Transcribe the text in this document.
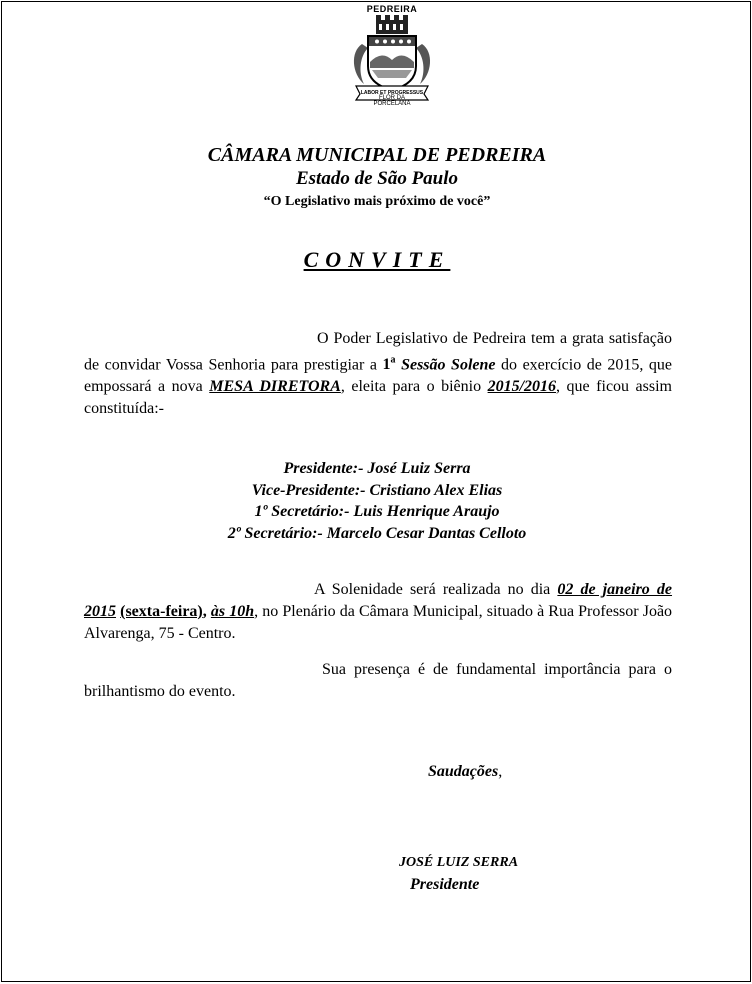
PEDREIRA
LABOR ET PROGRESSUS
FLOR DA
PORCELANA
CÂMARA MUNICIPAL DE PEDREIRA
Estado de São Paulo
“O Legislativo mais próximo de você”
CONVITE
O Poder Legislativo de Pedreira tem a grata satisfação de convidar Vossa Senhoria para prestigiar a 1$^a$ Sessão Solene do exercício de 2015, que empossará a nova MESA DIRETORA, eleita para o biênio 2015/2016, que ficou assim constituída:-
Presidente:- José Luiz Serra
Vice-Presidente:- Cristiano Alex Elias
1º Secretário:- Luis Henrique Araujo
2º Secretário:- Marcelo Cesar Dantas Celloto
A Solenidade será realizada no dia 02 de janeiro de 2015 (sexta-feira), às 10h, no Plenário da Câmara Municipal, situado à Rua Professor João Alvarenga, 75 - Centro.
Sua presença é de fundamental importância para o brilhantismo do evento.
Saudações,
JOSÉ LUIZ SERRA
Presidente
